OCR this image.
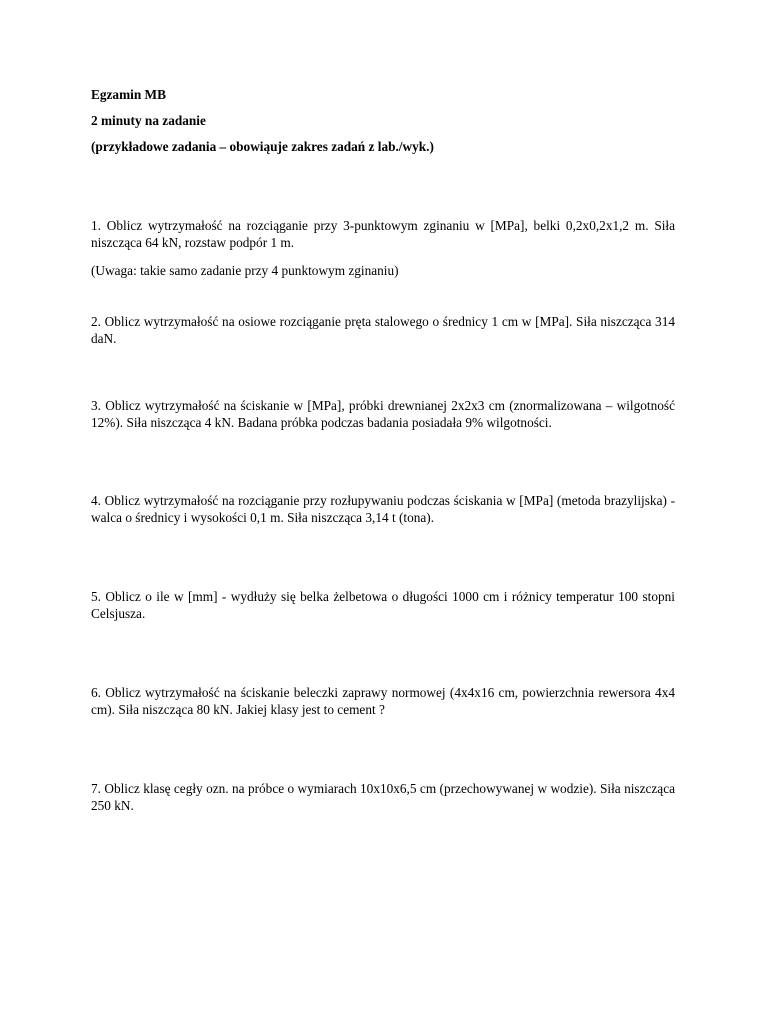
Egzamin MB
2 minuty na zadanie
(przykładowe zadania – obowiąuje zakres zadań z lab./wyk.)
1. Oblicz wytrzymałość na rozciąganie przy 3-punktowym zginaniu w [MPa], belki 0,2x0,2x1,2 m. Siła niszcząca 64 kN, rozstaw podpór 1 m.
(Uwaga: takie samo zadanie przy 4 punktowym zginaniu)
2. Oblicz wytrzymałość na osiowe rozciąganie pręta stalowego o średnicy 1 cm w [MPa]. Siła niszcząca 314 daN.
3. Oblicz wytrzymałość na ściskanie w [MPa], próbki drewnianej 2x2x3 cm (znormalizowana – wilgotność 12%). Siła niszcząca 4 kN. Badana próbka podczas badania posiadała 9% wilgotności.
4. Oblicz wytrzymałość na rozciąganie przy rozłupywaniu podczas ściskania w [MPa] (metoda brazylijska) - walca o średnicy i wysokości 0,1 m. Siła niszcząca 3,14 t (tona).
5. Oblicz o ile w [mm] - wydłuży się belka żelbetowa o długości 1000 cm i różnicy temperatur 100 stopni Celsjusza.
6. Oblicz wytrzymałość na ściskanie beleczki zaprawy normowej (4x4x16 cm, powierzchnia rewersora 4x4 cm). Siła niszcząca 80 kN. Jakiej klasy jest to cement ?
7. Oblicz klasę cegły ozn. na próbce o wymiarach 10x10x6,5 cm (przechowywanej w wodzie). Siła niszcząca 250 kN.
